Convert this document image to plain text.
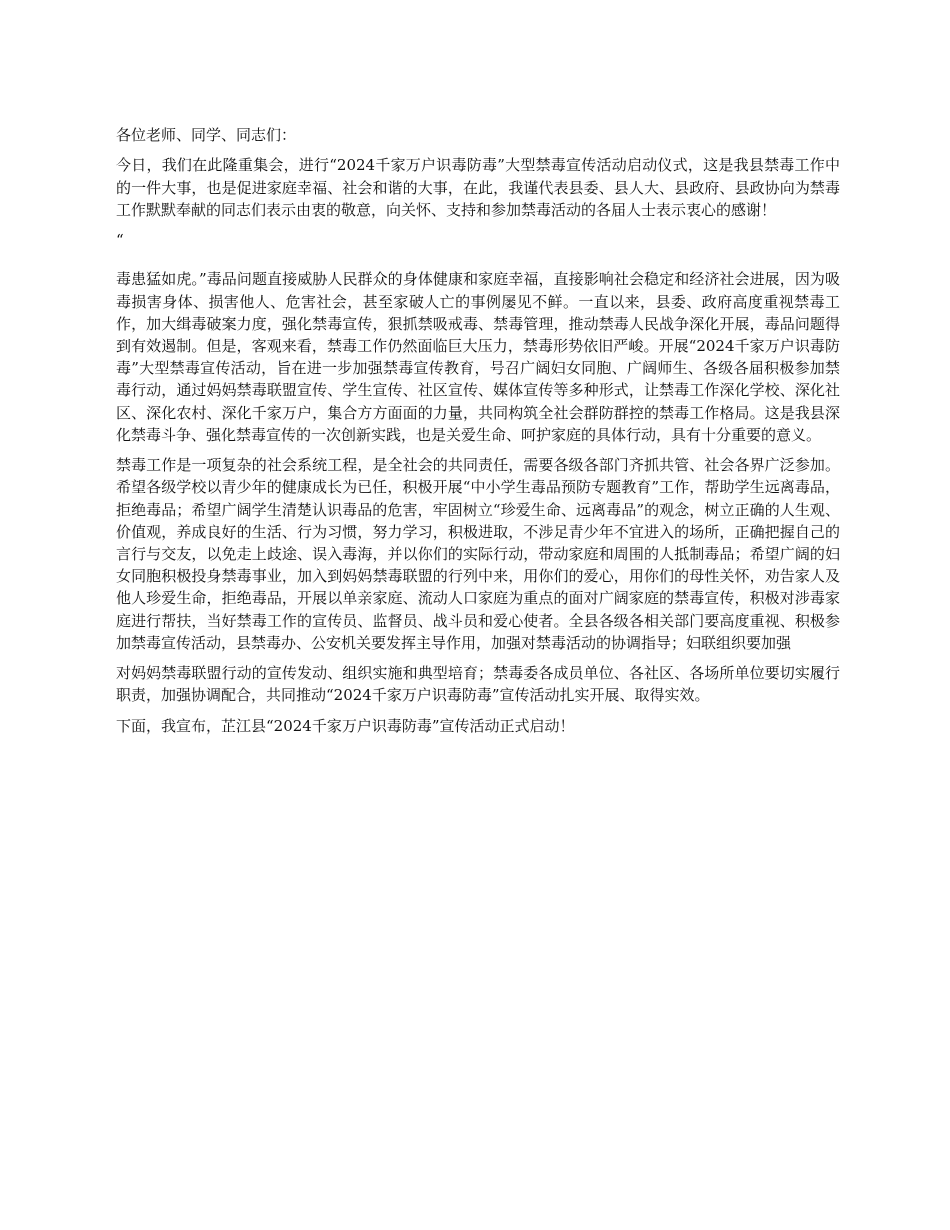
各位老师、同学、同志们：

今日，我们在此隆重集会，进行“2024千家万户识毒防毒”大型禁毒宣传活动启动仪式，这是我县禁毒工作中的一件大事，也是促进家庭幸福、社会和谐的大事，在此，我谨代表县委、县人大、县政府、县政协向为禁毒工作默默奉献的同志们表示由衷的敬意，向关怀、支持和参加禁毒活动的各届人士表示衷心的感谢！

“

毒患猛如虎。”毒品问题直接威胁人民群众的身体健康和家庭幸福，直接影响社会稳定和经济社会进展，因为吸毒损害身体、损害他人、危害社会，甚至家破人亡的事例屡见不鲜。一直以来，县委、政府高度重视禁毒工作，加大缉毒破案力度，强化禁毒宣传，狠抓禁吸戒毒、禁毒管理，推动禁毒人民战争深化开展，毒品问题得到有效遏制。但是，客观来看，禁毒工作仍然面临巨大压力，禁毒形势依旧严峻。开展“2024千家万户识毒防毒”大型禁毒宣传活动，旨在进一步加强禁毒宣传教育，号召广阔妇女同胞、广阔师生、各级各届积极参加禁毒行动，通过妈妈禁毒联盟宣传、学生宣传、社区宣传、媒体宣传等多种形式，让禁毒工作深化学校、深化社区、深化农村、深化千家万户，集合方方面面的力量，共同构筑全社会群防群控的禁毒工作格局。这是我县深化禁毒斗争、强化禁毒宣传的一次创新实践，也是关爱生命、呵护家庭的具体行动，具有十分重要的意义。

禁毒工作是一项复杂的社会系统工程，是全社会的共同责任，需要各级各部门齐抓共管、社会各界广泛参加。希望各级学校以青少年的健康成长为已任，积极开展“中小学生毒品预防专题教育”工作，帮助学生远离毒品，拒绝毒品；希望广阔学生清楚认识毒品的危害，牢固树立“珍爱生命、远离毒品”的观念，树立正确的人生观、价值观，养成良好的生活、行为习惯，努力学习，积极进取，不涉足青少年不宜进入的场所，正确把握自己的言行与交友，以免走上歧途、误入毒海，并以你们的实际行动，带动家庭和周围的人抵制毒品；希望广阔的妇女同胞积极投身禁毒事业，加入到妈妈禁毒联盟的行列中来，用你们的爱心，用你们的母性关怀，劝告家人及他人珍爱生命，拒绝毒品，开展以单亲家庭、流动人口家庭为重点的面对广阔家庭的禁毒宣传，积极对涉毒家庭进行帮扶，当好禁毒工作的宣传员、监督员、战斗员和爱心使者。全县各级各相关部门要高度重视、积极参加禁毒宣传活动，县禁毒办、公安机关要发挥主导作用，加强对禁毒活动的协调指导；妇联组织要加强

对妈妈禁毒联盟行动的宣传发动、组织实施和典型培育；禁毒委各成员单位、各社区、各场所单位要切实履行职责，加强协调配合，共同推动“2024千家万户识毒防毒”宣传活动扎实开展、取得实效。

下面，我宣布，芷江县“2024千家万户识毒防毒”宣传活动正式启动！
